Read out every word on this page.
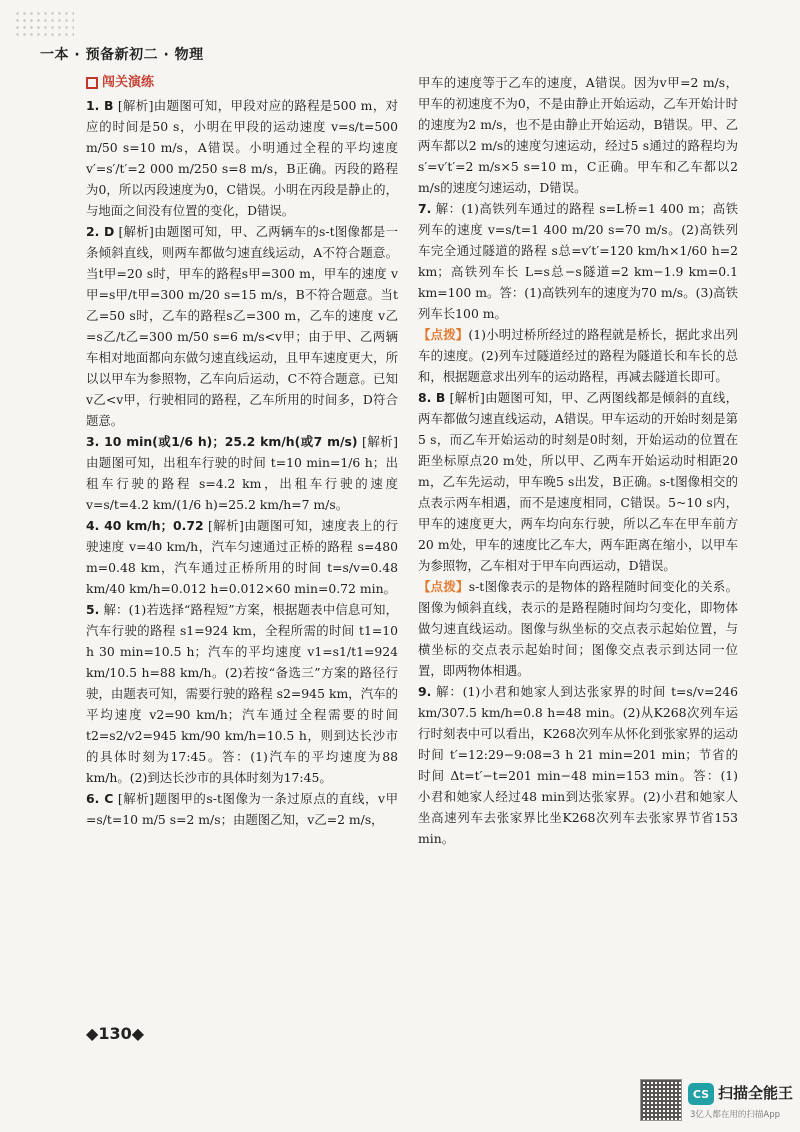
一本 · 预备新初二 · 物理
闯关演练

1. B [解析]由题图可知，甲段对应的路程是500 m，对应的时间是50 s，小明在甲段的运动速度 v=s/t=500 m/50 s=10 m/s，A错误。小明通过全程的平均速度 v′=s′/t′=2 000 m/250 s=8 m/s，B正确。丙段的路程为0，所以丙段速度为0，C错误。小明在丙段是静止的，与地面之间没有位置的变化，D错误。

2. D [解析]由题图可知，甲、乙两辆车的s-t图像都是一条倾斜直线，则两车都做匀速直线运动，A不符合题意。当t甲=20 s时，甲车的路程s甲=300 m，甲车的速度 v甲=s甲/t甲=300 m/20 s=15 m/s，B不符合题意。当t乙=50 s时，乙车的路程s乙=300 m，乙车的速度 v乙=s乙/t乙=300 m/50 s=6 m/s<v甲；由于甲、乙两辆车相对地面都向东做匀速直线运动，且甲车速度更大，所以以甲车为参照物，乙车向后运动，C不符合题意。已知v乙<v甲，行驶相同的路程，乙车所用的时间多，D符合题意。

3. 10 min(或1/6 h)；25.2 km/h(或7 m/s) [解析]由题图可知，出租车行驶的时间 t=10 min=1/6 h；出租车行驶的路程 s=4.2 km，出租车行驶的速度 v=s/t=4.2 km/(1/6 h)=25.2 km/h=7 m/s。

4. 40 km/h；0.72 [解析]由题图可知，速度表上的行驶速度 v=40 km/h，汽车匀速通过正桥的路程 s=480 m=0.48 km，汽车通过正桥所用的时间 t=s/v=0.48 km/40 km/h=0.012 h=0.012×60 min=0.72 min。

5. 解：(1)若选择“路程短”方案，根据题表中信息可知，汽车行驶的路程 s1=924 km，全程所需的时间 t1=10 h 30 min=10.5 h；汽车的平均速度 v1=s1/t1=924 km/10.5 h=88 km/h。(2)若按“备选三”方案的路径行驶，由题表可知，需要行驶的路程 s2=945 km，汽车的平均速度 v2=90 km/h；汽车通过全程需要的时间 t2=s2/v2=945 km/90 km/h=10.5 h，则到达长沙市的具体时刻为17:45。答：(1)汽车的平均速度为88 km/h。(2)到达长沙市的具体时刻为17:45。

6. C [解析]题图甲的s-t图像为一条过原点的直线，v甲=s/t=10 m/5 s=2 m/s；由题图乙知，v乙=2 m/s，

甲车的速度等于乙车的速度，A错误。因为v甲=2 m/s，甲车的初速度不为0，不是由静止开始运动，乙车开始计时的速度为2 m/s，也不是由静止开始运动，B错误。甲、乙两车都以2 m/s的速度匀速运动，经过5 s通过的路程均为 s′=v′t′=2 m/s×5 s=10 m，C正确。甲车和乙车都以2 m/s的速度匀速运动，D错误。

7. 解：(1)高铁列车通过的路程 s=L桥=1 400 m；高铁列车的速度 v=s/t=1 400 m/20 s=70 m/s。(2)高铁列车完全通过隧道的路程 s总=v′t′=120 km/h×1/60 h=2 km；高铁列车长 L=s总−s隧道=2 km−1.9 km=0.1 km=100 m。答：(1)高铁列车的速度为70 m/s。(3)高铁列车长100 m。

【点拨】(1)小明过桥所经过的路程就是桥长，据此求出列车的速度。(2)列车过隧道经过的路程为隧道长和车长的总和，根据题意求出列车的运动路程，再减去隧道长即可。

8. B [解析]由题图可知，甲、乙两图线都是倾斜的直线，两车都做匀速直线运动，A错误。甲车运动的开始时刻是第5 s，而乙车开始运动的时刻是0时刻，开始运动的位置在距坐标原点20 m处，所以甲、乙两车开始运动时相距20 m，乙车先运动，甲车晚5 s出发，B正确。s-t图像相交的点表示两车相遇，而不是速度相同，C错误。5~10 s内，甲车的速度更大，两车均向东行驶，所以乙车在甲车前方20 m处，甲车的速度比乙车大，两车距离在缩小，以甲车为参照物，乙车相对于甲车向西运动，D错误。

【点拨】s-t图像表示的是物体的路程随时间变化的关系。图像为倾斜直线，表示的是路程随时间均匀变化，即物体做匀速直线运动。图像与纵坐标的交点表示起始位置，与横坐标的交点表示起始时间；图像交点表示到达同一位置，即两物体相遇。

9. 解：(1)小君和她家人到达张家界的时间 t=s/v=246 km/307.5 km/h=0.8 h=48 min。(2)从K268次列车运行时刻表中可以看出，K268次列车从怀化到张家界的运动时间 t′=12:29−9:08=3 h 21 min=201 min；节省的时间 Δt=t′−t=201 min−48 min=153 min。答：(1)小君和她家人经过48 min到达张家界。(2)小君和她家人坐高速列车去张家界比坐K268次列车去张家界节省153 min。

◆130◆
CS 扫描全能王
3亿人都在用的扫描App
